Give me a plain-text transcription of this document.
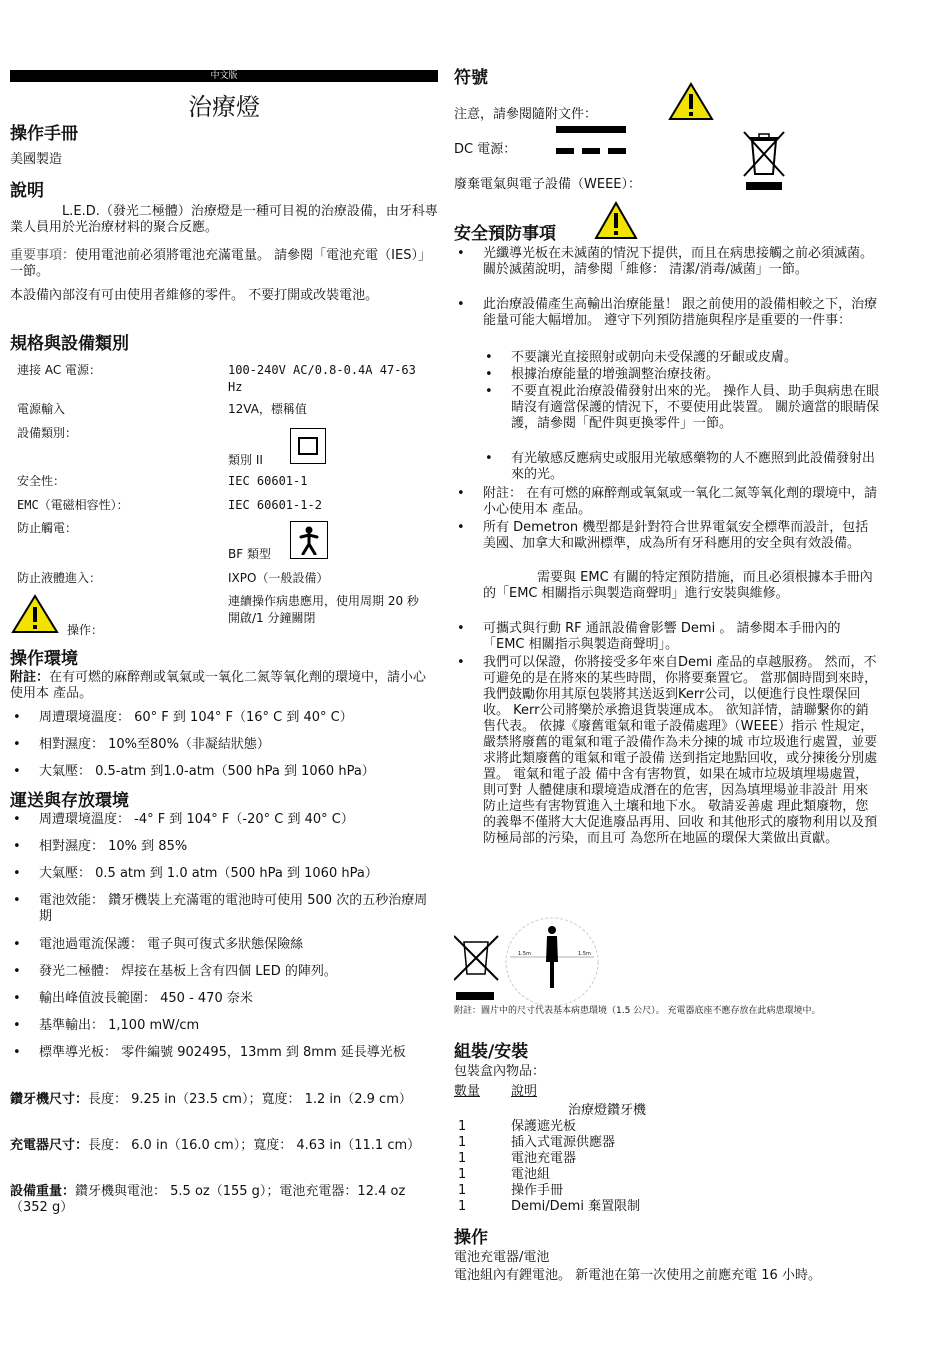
中文版
治療燈
操作手冊
美國製造
說明
L.E.D.（發光二極體）治療燈是一種可目視的治療設備，由牙科專業人員用於光治療材料的聚合反應。
重要事項：使用電池前必須將電池充滿電量。 請參閱「電池充電（IES）」一節。
本設備內部沒有可由使用者維修的零件。 不要打開或改裝電池。
規格與設備類別
連接 AC 電源：	100-240V AC/0.8-0.4A 47-63 Hz
電源輸入	12VA，標稱值
設備類別：
類別 II
安全性：	IEC 60601-1
EMC（電磁相容性）：	IEC 60601-1-2
防止觸電：
BF 類型
防止液體進入：	IXPO（一般設備）
操作：
連續操作病患應用，使用周期 20 秒開啟/1 分鐘關閉
操作環境
附註：在有可燃的麻醉劑或氧氣或一氧化二氮等氧化劑的環境中，請小心使用本 產品。
• 周遭環境溫度： 60° F 到 104° F（16° C 到 40° C）
• 相對濕度： 10%至80%（非凝結狀態）
• 大氣壓： 0.5-atm 到1.0-atm（500 hPa 到 1060 hPa）
運送與存放環境
• 周遭環境溫度： -4° F 到 104° F（-20° C 到 40° C）
• 相對濕度： 10% 到 85%
• 大氣壓： 0.5 atm 到 1.0 atm（500 hPa 到 1060 hPa）
• 電池效能： 鑽牙機裝上充滿電的電池時可使用 500 次的五秒治療周期
• 電池過電流保護： 電子與可復式多狀態保險絲
• 發光二極體： 焊接在基板上含有四個 LED 的陣列。
• 輸出峰值波長範圍： 450 - 470 奈米
• 基準輸出： 1,100 mW/cm
• 標準導光板： 零件編號 902495，13mm 到 8mm 延長導光板
鑽牙機尺寸：長度： 9.25 in（23.5 cm）；寬度： 1.2 in（2.9 cm）
充電器尺寸：長度： 6.0 in（16.0 cm）；寬度： 4.63 in（11.1 cm）
設備重量：鑽牙機與電池： 5.5 oz（155 g）；電池充電器：12.4 oz（352 g）
符號
注意，請參閱隨附文件：
DC 電源：
廢棄電氣與電子設備（WEEE）：
安全預防事項
• 光纖導光板在未滅菌的情況下提供，而且在病患接觸之前必須滅菌。 關於滅菌說明，請參閱「維修： 清潔/消毒/滅菌」一節。
• 此治療設備產生高輸出治療能量！ 跟之前使用的設備相較之下，治療能量可能大幅增加。 遵守下列預防措施與程序是重要的一件事：
• 不要讓光直接照射或朝向未受保護的牙齦或皮膚。
• 根據治療能量的增強調整治療技術。
• 不要直視此治療設備發射出來的光。 操作人員、助手與病患在眼睛沒有適當保護的情況下，不要使用此裝置。 關於適當的眼睛保護，請參閱「配件與更換零件」一節。
• 有光敏感反應病史或服用光敏感藥物的人不應照到此設備發射出來的光。
• 附註： 在有可燃的麻醉劑或氧氣或一氧化二氮等氧化劑的環境中，請小心使用本 產品。
• 所有 Demetron 機型都是針對符合世界電氣安全標準而設計，包括美國、加拿大和歐洲標準，成為所有牙科應用的安全與有效設備。
需要與 EMC 有關的特定預防措施，而且必須根據本手冊內的「EMC 相關指示與製造商聲明」進行安裝與維修。
• 可攜式與行動 RF 通訊設備會影響 Demi 。 請參閱本手冊內的「EMC 相關指示與製造商聲明」。
• 我們可以保證，你將接受多年來自Demi 產品的卓越服務。 然而，不可避免的是在將來的某些時間，你將要棄置它。 當那個時間到來時，我們鼓勵你用其原包裝將其送返到Kerr公司，以便進行良性環保回收。 Kerr公司將樂於承擔退貨裝運成本。 欲知詳情，請聯繫你的銷售代表。 依據《廢舊電氣和電子設備處理》（WEEE）指示 性規定，嚴禁將廢舊的電氣和電子設備作為未分揀的城 市垃圾進行處置，並要求將此類廢舊的電氣和電子設備 送到指定地點回收，或分揀後分別處置。 電氣和電子設 備中含有害物質，如果在城市垃圾填埋場處置，則可對 人體健康和環境造成潛在的危害，因為填埋場並非設計 用來防止這些有害物質進入土壤和地下水。 敬請妥善處 理此類廢物，您的義舉不僅將大大促進廢品再用、回收 和其他形式的廢物利用以及預防極局部的污染，而且可 為您所在地區的環保大業做出貢獻。
1.5m	1.5m
附註：圖片中的尺寸代表基本病患環境（1.5 公尺）。 充電器底座不應存放在此病患環境中。
組裝/安裝
包裝盒內物品：
數量 說明
治療燈鑽牙機
1	保護遮光板
1	插入式電源供應器
1	電池充電器
1	電池組
1	操作手冊
1	Demi/Demi 棄置限制
操作
電池充電器/電池
電池組內有鋰電池。 新電池在第一次使用之前應充電 16 小時。
